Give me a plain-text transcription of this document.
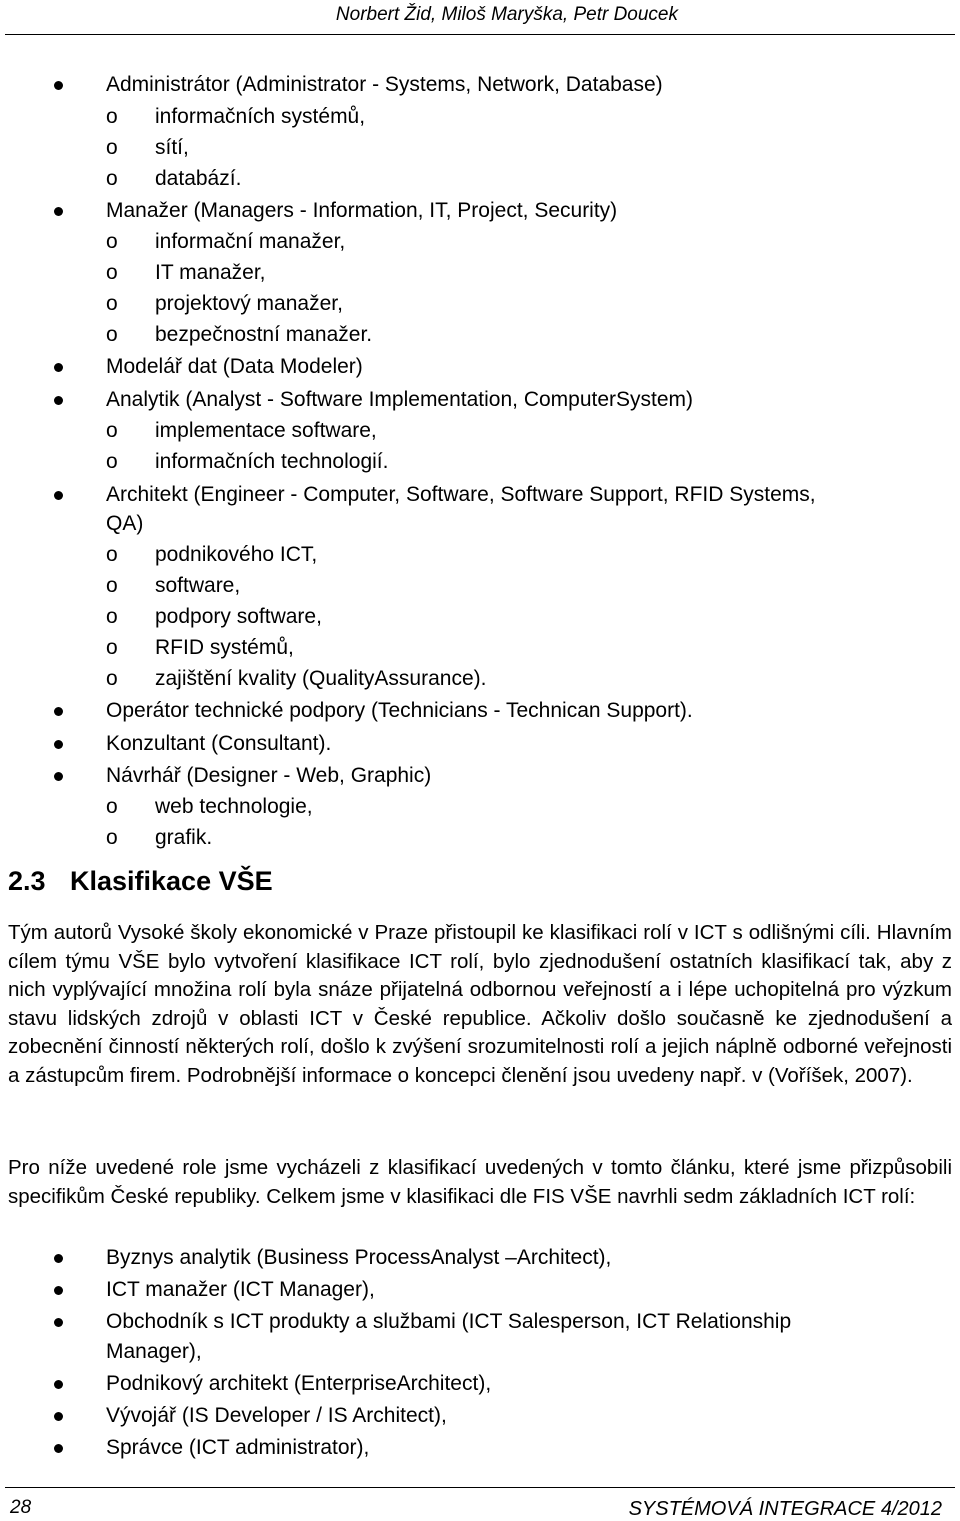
Norbert Žid, Miloš Maryška, Petr Doucek
Administrátor (Administrator - Systems, Network, Database)
o informačních systémů,
o sítí,
o databází.
Manažer (Managers - Information, IT, Project, Security)
o informační manažer,
o IT manažer,
o projektový manažer,
o bezpečnostní manažer.
Modelář dat (Data Modeler)
Analytik (Analyst - Software Implementation, ComputerSystem)
o implementace software,
o informačních technologií.
Architekt (Engineer - Computer, Software, Software Support, RFID Systems,
QA)
o podnikového ICT,
o software,
o podpory software,
o RFID systémů,
o zajištění kvality (QualityAssurance).
Operátor technické podpory (Technicians - Technican Support).
Konzultant (Consultant).
Návrhář (Designer - Web, Graphic)
o web technologie,
o grafik.
2.3 Klasifikace VŠE

Tým autorů Vysoké školy ekonomické v Praze přistoupil ke klasifikaci rolí v ICT s odlišnými cíli. Hlavním cílem týmu VŠE bylo vytvoření klasifikace ICT rolí, bylo zjednodušení ostatních klasifikací tak, aby z nich vyplývající množina rolí byla snáze přijatelná odbornou veřejností a i lépe uchopitelná pro výzkum stavu lidských zdrojů v oblasti ICT v České republice. Ačkoliv došlo současně ke zjednodušení a zobecnění činností některých rolí, došlo k zvýšení srozumitelnosti rolí a jejich náplně odborné veřejnosti a zástupcům firem. Podrobnější informace o koncepci členění jsou uvedeny např. v (Voříšek, 2007).

Pro níže uvedené role jsme vycházeli z klasifikací uvedených v tomto článku, které jsme přizpůsobili specifikům České republiky. Celkem jsme v klasifikaci dle FIS VŠE navrhli sedm základních ICT rolí:

Byznys analytik (Business ProcessAnalyst –Architect),
ICT manažer (ICT Manager),
Obchodník s ICT produkty a službami (ICT Salesperson, ICT Relationship
Manager),
Podnikový architekt (EnterpriseArchitect),
Vývojář (IS Developer / IS Architect),
Správce (ICT administrator),
28	SYSTÉMOVÁ INTEGRACE 4/2012
